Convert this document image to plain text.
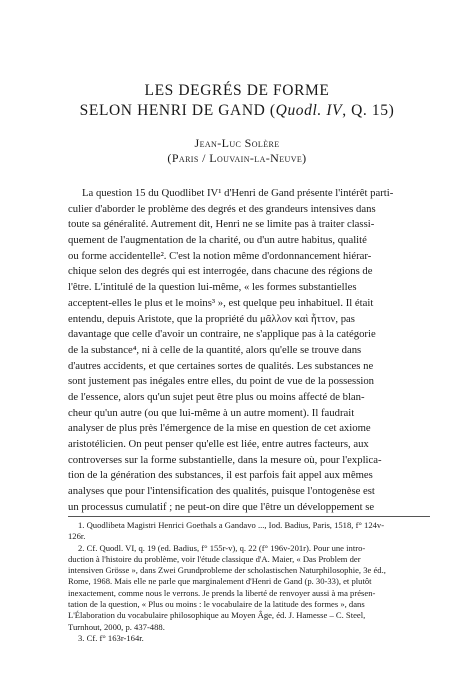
LES DEGRÉS DE FORME
SELON HENRI DE GAND (Quodl. IV, Q. 15)
Jean-Luc Solère
(Paris / Louvain-la-Neuve)
La question 15 du Quodlibet IV¹ d'Henri de Gand présente l'intérêt parti-
culier d'aborder le problème des degrés et des grandeurs intensives dans
toute sa généralité. Autrement dit, Henri ne se limite pas à traiter classi-
quement de l'augmentation de la charité, ou d'un autre habitus, qualité
ou forme accidentelle². C'est la notion même d'ordonnancement hiérar-
chique selon des degrés qui est interrogée, dans chacune des régions de
l'être. L'intitulé de la question lui-même, « les formes substantielles
acceptent-elles le plus et le moins³ », est quelque peu inhabituel. Il était
entendu, depuis Aristote, que la propriété du μᾶλλον καὶ ἧττον, pas
davantage que celle d'avoir un contraire, ne s'applique pas à la catégorie
de la substance⁴, ni à celle de la quantité, alors qu'elle se trouve dans
d'autres accidents, et que certaines sortes de qualités. Les substances ne
sont justement pas inégales entre elles, du point de vue de la possession
de l'essence, alors qu'un sujet peut être plus ou moins affecté de blan-
cheur qu'un autre (ou que lui-même à un autre moment). Il faudrait
analyser de plus près l'émergence de la mise en question de cet axiome
aristotélicien. On peut penser qu'elle est liée, entre autres facteurs, aux
controverses sur la forme substantielle, dans la mesure où, pour l'explica-
tion de la génération des substances, il est parfois fait appel aux mêmes
analyses que pour l'intensification des qualités, puisque l'ontogenèse est
un processus cumulatif ; ne peut-on dire que l'être un développement se
1. Quodlibeta Magistri Henrici Goethals a Gandavo ..., Iod. Badius, Paris, 1518, f° 124v-
126r.
2. Cf. Quodl. VI, q. 19 (ed. Badius, f° 155r-v), q. 22 (f° 196v-201r). Pour une intro-
duction à l'histoire du problème, voir l'étude classique d'A. Maier, « Das Problem der
intensiven Grösse », dans Zwei Grundprobleme der scholastischen Naturphilosophie, 3e éd.,
Rome, 1968. Mais elle ne parle que marginalement d'Henri de Gand (p. 30-33), et plutôt
inexactement, comme nous le verrons. Je prends la liberté de renvoyer aussi à ma présen-
tation de la question, « Plus ou moins : le vocabulaire de la latitude des formes », dans
L'Élaboration du vocabulaire philosophique au Moyen Âge, éd. J. Hamesse – C. Steel,
Turnhout, 2000, p. 437-488.
3. Cf. f° 163r-164r.
